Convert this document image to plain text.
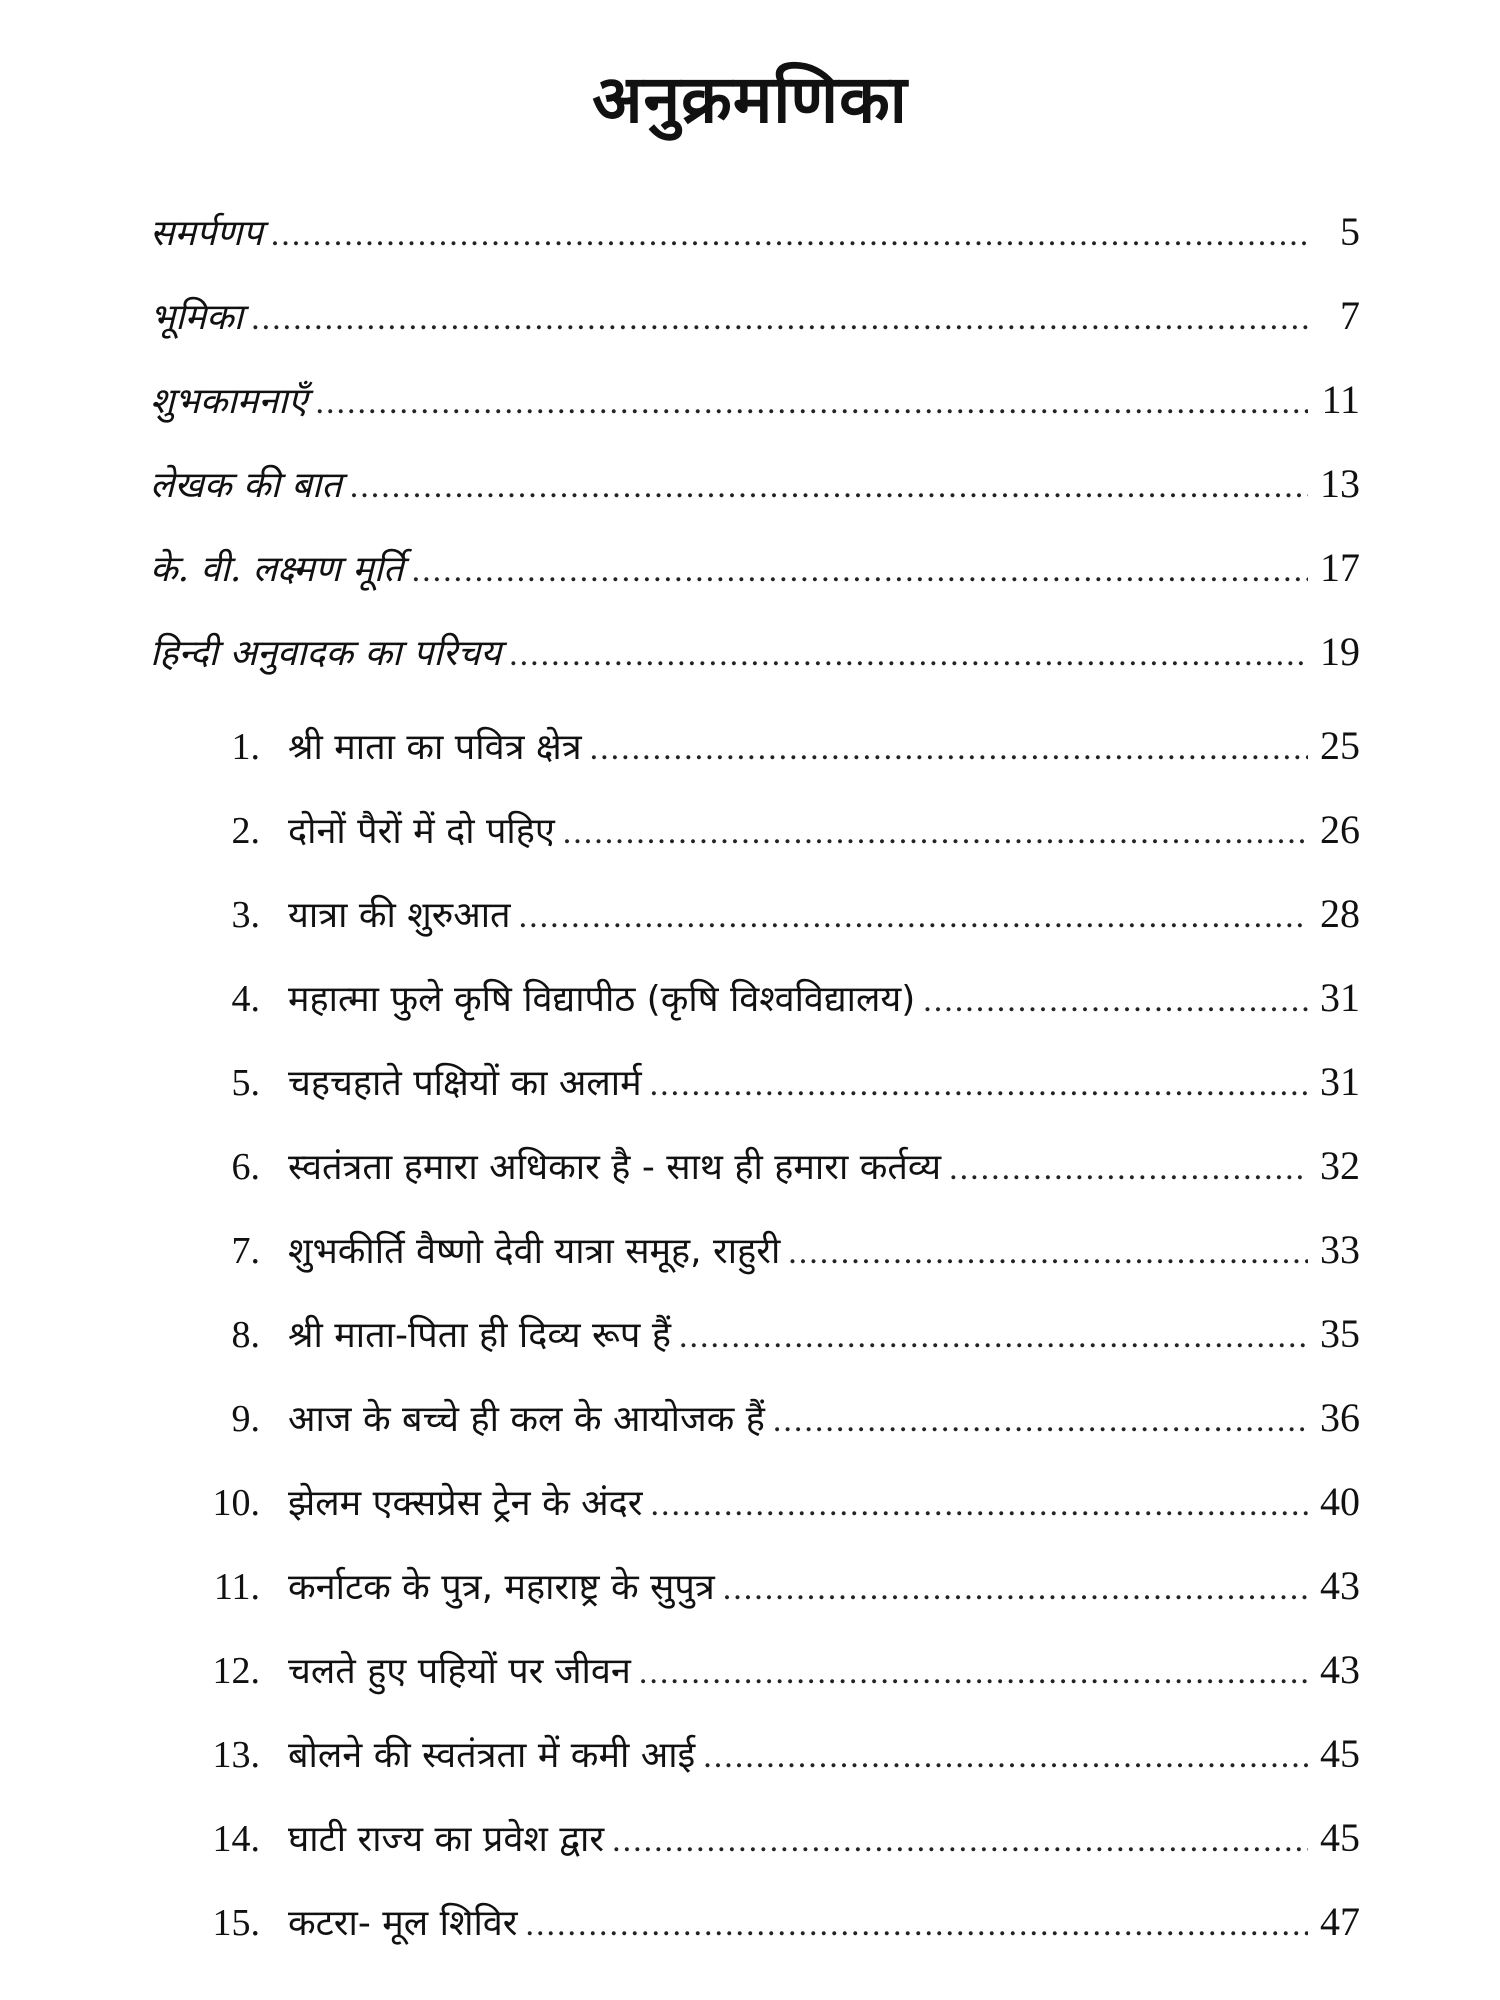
अनुक्रमणिका
समर्पणप .....	5
भूमिका .....	7
शुभकामनाएँ .....	11
लेखक की बात .....	13
के. वी. लक्ष्मण मूर्ति .....	17
हिन्दी अनुवादक का परिचय .....	19
1. श्री माता का पवित्र क्षेत्र .....	25
2. दोनों पैरों में दो पहिए .....	26
3. यात्रा की शुरुआत .....	28
4. महात्मा फुले कृषि विद्यापीठ (कृषि विश्वविद्यालय) .....	31
5. चहचहाते पक्षियों का अलार्म .....	31
6. स्वतंत्रता हमारा अधिकार है - साथ ही हमारा कर्तव्य .....	32
7. शुभकीर्ति वैष्णो देवी यात्रा समूह, राहुरी .....	33
8. श्री माता-पिता ही दिव्य रूप हैं .....	35
9. आज के बच्चे ही कल के आयोजक हैं .....	36
10. झेलम एक्सप्रेस ट्रेन के अंदर .....	40
11. कर्नाटक के पुत्र, महाराष्ट्र के सुपुत्र .....	43
12. चलते हुए पहियों पर जीवन .....	43
13. बोलने की स्वतंत्रता में कमी आई .....	45
14. घाटी राज्य का प्रवेश द्वार .....	45
15. कटरा- मूल शिविर .....	47
